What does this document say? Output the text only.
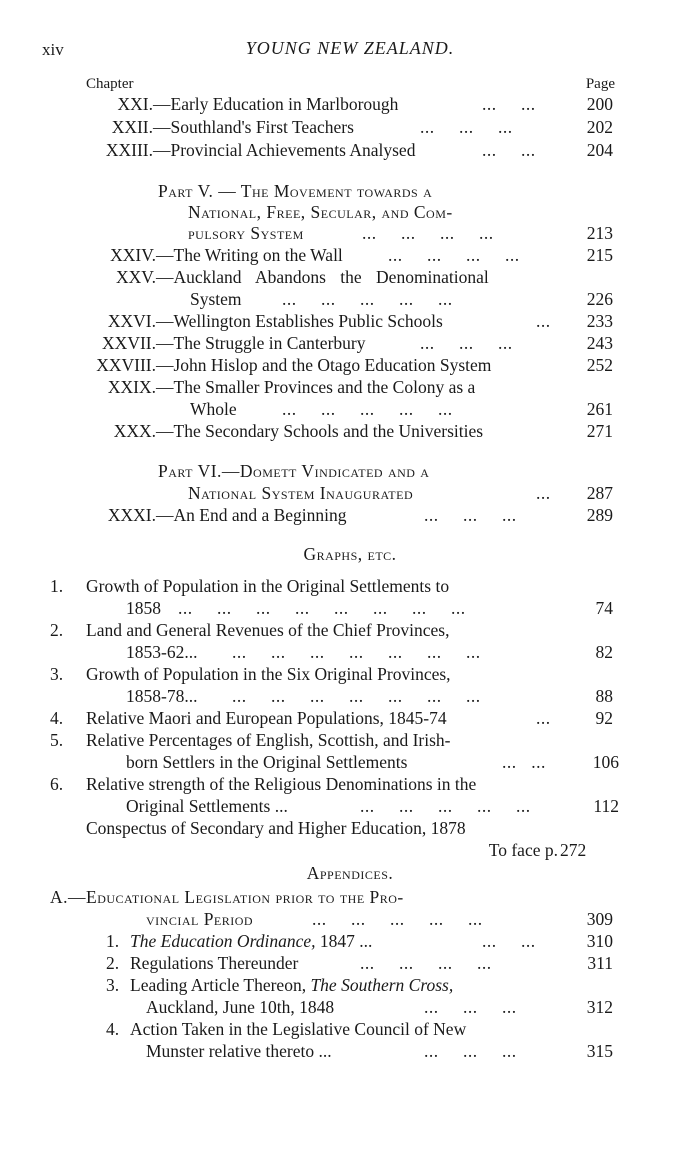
xiv	YOUNG NEW ZEALAND.
Chapter	Page
XXI. —Early Education in Marlborough	...     ...	200
XXII. —Southland's First Teachers	...     ...     ...	202
XXIII. —Provincial Achievements Analysed	...     ...	204
Part V. — The Movement towards a
National, Free, Secular, and Com-
pulsory System	...     ...     ...     ...	213
XXIV. —The Writing on the Wall	...     ...     ...     ...	215
XXV. —Auckland Abandons the Denominational
System ...     ...     ...     ...     ...	226
XXVI. —Wellington Establishes Public Schools	...	233
XXVII. —The Struggle in Canterbury	...     ...     ...	243
XXVIII. —John Hislop and the Otago Education System	252
XXIX. —The Smaller Provinces and the Colony as a
Whole	...     ...     ...     ...     ...	261
XXX. —The Secondary Schools and the Universities	271
Part VI.—Domett Vindicated and a
National System Inaugurated	...	287
XXXI. —An End and a Beginning	...     ...     ...	289
Graphs, etc.
1. Growth of Population in the Original Settlements to
1858 ...     ...     ...     ...     ...     ...     ...     ...	74
2. Land and General Revenues of the Chief Provinces,
1853-62... ...     ...     ...     ...     ...     ...     ...	82
3. Growth of Population in the Six Original Provinces,
1858-78... ...     ...     ...     ...     ...     ...     ...	88
4. Relative Maori and European Populations, 1845-74	...	92
5. Relative Percentages of English, Scottish, and Irish-
born Settlers in the Original Settlements	...   ...	106
6. Relative strength of the Religious Denominations in the
Original Settlements ...	...     ...     ...     ...     ...	112
Conspectus of Secondary and Higher Education, 1878
To face p. 272
Appendices.
A.—Educational Legislation prior to the Pro-
vincial Period	...     ...     ...     ...     ...	309
1. The Education Ordinance, 1847 ...	...     ...	310
2. Regulations Thereunder	...     ...     ...     ...	311
3. Leading Article Thereon, The Southern Cross,
Auckland, June 10th, 1848	...     ...     ...	312
4. Action Taken in the Legislative Council of New
Munster relative thereto ...	...     ...     ...	315
